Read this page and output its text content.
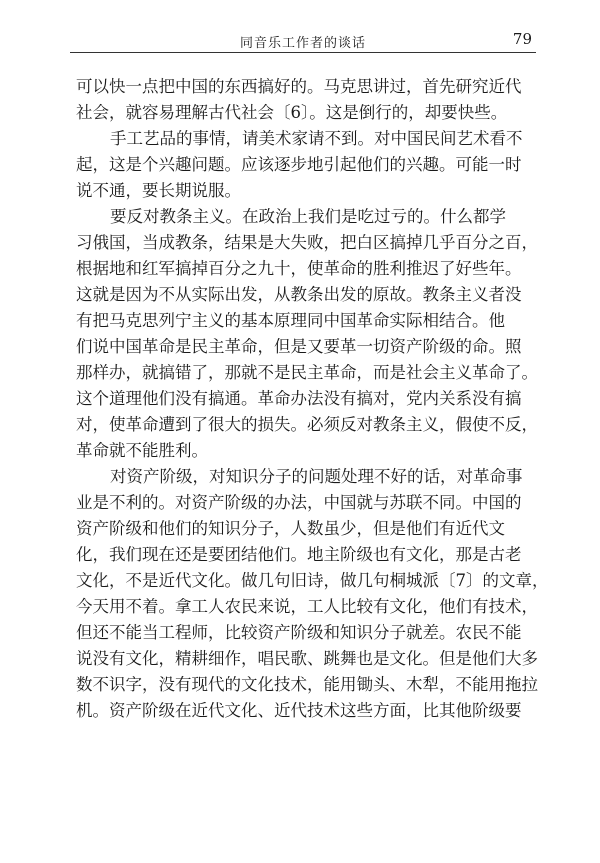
同音乐工作者的谈话	79

可以快一点把中国的东西搞好的。马克思讲过，首先研究近代
社会，就容易理解古代社会〔6〕。这是倒行的，却要快些。

手工艺品的事情，请美术家请不到。对中国民间艺术看不
起，这是个兴趣问题。应该逐步地引起他们的兴趣。可能一时
说不通，要长期说服。

要反对教条主义。在政治上我们是吃过亏的。什么都学
习俄国，当成教条，结果是大失败，把白区搞掉几乎百分之百，
根据地和红军搞掉百分之九十，使革命的胜利推迟了好些年。
这就是因为不从实际出发，从教条出发的原故。教条主义者没
有把马克思列宁主义的基本原理同中国革命实际相结合。他
们说中国革命是民主革命，但是又要革一切资产阶级的命。照
那样办，就搞错了，那就不是民主革命，而是社会主义革命了。
这个道理他们没有搞通。革命办法没有搞对，党内关系没有搞
对，使革命遭到了很大的损失。必须反对教条主义，假使不反，
革命就不能胜利。

对资产阶级，对知识分子的问题处理不好的话，对革命事
业是不利的。对资产阶级的办法，中国就与苏联不同。中国的
资产阶级和他们的知识分子，人数虽少，但是他们有近代文
化，我们现在还是要团结他们。地主阶级也有文化，那是古老
文化，不是近代文化。做几句旧诗，做几句桐城派〔7〕的文章，
今天用不着。拿工人农民来说，工人比较有文化，他们有技术，
但还不能当工程师，比较资产阶级和知识分子就差。农民不能
说没有文化，精耕细作，唱民歌、跳舞也是文化。但是他们大多
数不识字，没有现代的文化技术，能用锄头、木犁，不能用拖拉
机。资产阶级在近代文化、近代技术这些方面，比其他阶级要
